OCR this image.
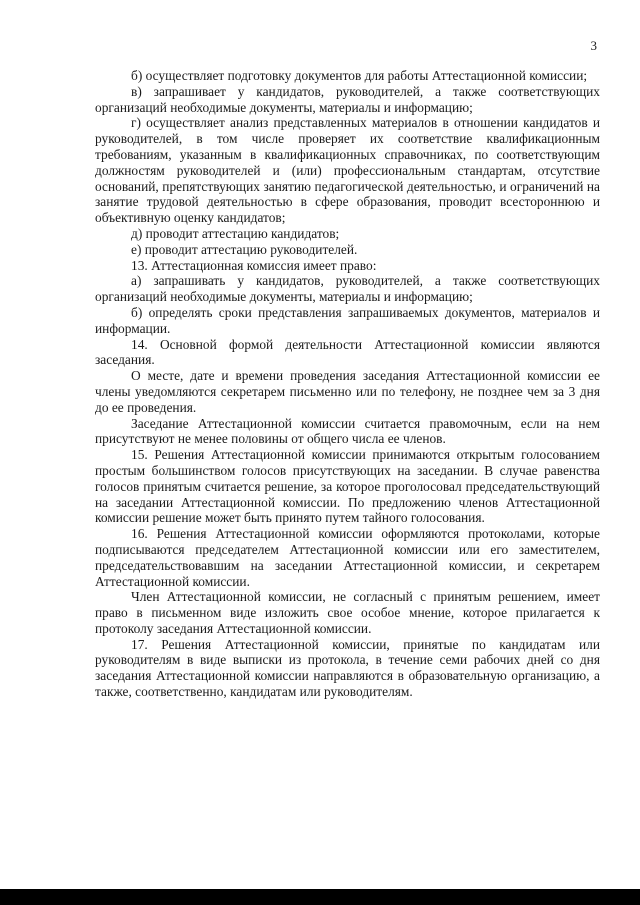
3

б) осуществляет подготовку документов для работы Аттестационной комиссии;

в) запрашивает у кандидатов, руководителей, а также соответствующих организаций необходимые документы, материалы и информацию;

г) осуществляет анализ представленных материалов в отношении кандидатов и руководителей, в том числе проверяет их соответствие квалификационным требованиям, указанным в квалификационных справочниках, по соответствующим должностям руководителей и (или) профессиональным стандартам, отсутствие оснований, препятствующих занятию педагогической деятельностью, и ограничений на занятие трудовой деятельностью в сфере образования, проводит всестороннюю и объективную оценку кандидатов;

д) проводит аттестацию кандидатов;

е) проводит аттестацию руководителей.

13. Аттестационная комиссия имеет право:

а) запрашивать у кандидатов, руководителей, а также соответствующих организаций необходимые документы, материалы и информацию;

б) определять сроки представления запрашиваемых документов, материалов и информации.

14. Основной формой деятельности Аттестационной комиссии являются заседания.

О месте, дате и времени проведения заседания Аттестационной комиссии ее члены уведомляются секретарем письменно или по телефону, не позднее чем за 3 дня до ее проведения.

Заседание Аттестационной комиссии считается правомочным, если на нем присутствуют не менее половины от общего числа ее членов.

15. Решения Аттестационной комиссии принимаются открытым голосованием простым большинством голосов присутствующих на заседании. В случае равенства голосов принятым считается решение, за которое проголосовал председательствующий на заседании Аттестационной комиссии. По предложению членов Аттестационной комиссии решение может быть принято путем тайного голосования.

16. Решения Аттестационной комиссии оформляются протоколами, которые подписываются председателем Аттестационной комиссии или его заместителем, председательствовавшим на заседании Аттестационной комиссии, и секретарем Аттестационной комиссии.

Член Аттестационной комиссии, не согласный с принятым решением, имеет право в письменном виде изложить свое особое мнение, которое прилагается к протоколу заседания Аттестационной комиссии.

17. Решения Аттестационной комиссии, принятые по кандидатам или руководителям в виде выписки из протокола, в течение семи рабочих дней со дня заседания Аттестационной комиссии направляются в образовательную организацию, а также, соответственно, кандидатам или руководителям.
